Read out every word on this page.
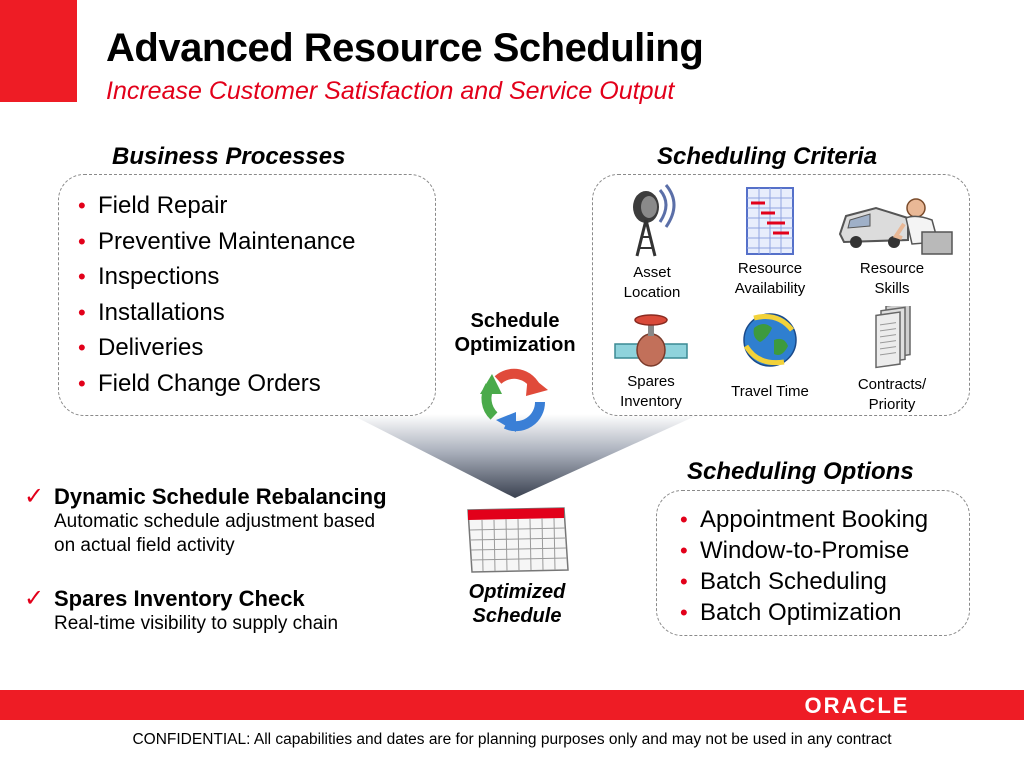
Advanced Resource Scheduling
Increase Customer Satisfaction and Service Output
Business Processes
• Field Repair
• Preventive Maintenance
• Inspections
• Installations
• Deliveries
• Field Change Orders
Scheduling Criteria
Asset
Location
Resource
Availability
Resource
Skills
Spares
Inventory
Travel Time	Contracts/
Priority
Schedule
Optimization
✓ Dynamic Schedule Rebalancing
Automatic schedule adjustment based
on actual field activity
✓ Spares Inventory Check
Real-time visibility to supply chain
Optimized
Schedule
Scheduling Options
• Appointment Booking
• Window-to-Promise
• Batch Scheduling
• Batch Optimization
ORACLE
CONFIDENTIAL: All capabilities and dates are for planning purposes only and may not be used in any contract
